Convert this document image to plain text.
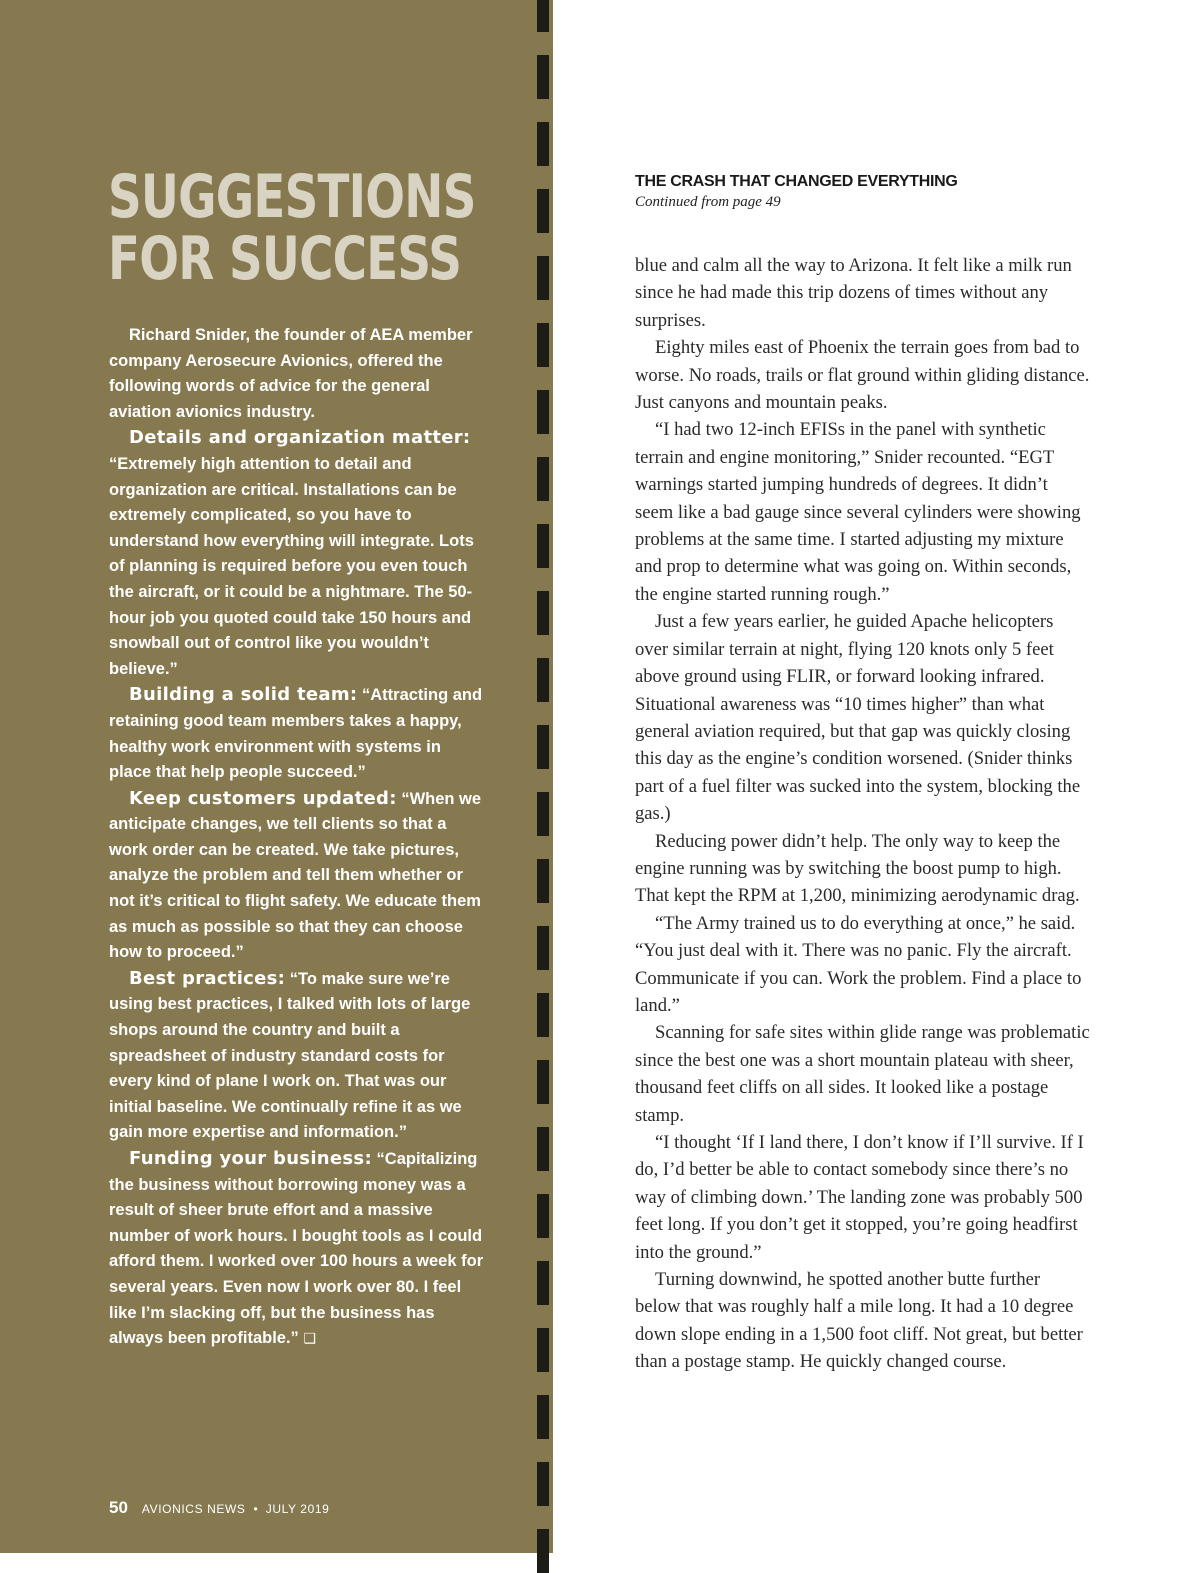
SUGGESTIONS
FOR SUCCESS

Richard Snider, the founder of AEA member company Aerosecure Avionics, offered the following words of advice for the general aviation avionics industry.

Details and organization matter: “Extremely high attention to detail and organization are critical. Installations can be extremely complicated, so you have to understand how everything will integrate. Lots of planning is required before you even touch the aircraft, or it could be a nightmare. The 50-hour job you quoted could take 150 hours and snowball out of control like you wouldn’t believe.”

Building a solid team: “Attracting and retaining good team members takes a happy, healthy work environment with systems in place that help people succeed.”

Keep customers updated: “When we anticipate changes, we tell clients so that a work order can be created. We take pictures, analyze the problem and tell them whether or not it’s critical to flight safety. We educate them as much as possible so that they can choose how to proceed.”

Best practices: “To make sure we’re using best practices, I talked with lots of large shops around the country and built a spreadsheet of industry standard costs for every kind of plane I work on. That was our initial baseline. We continually refine it as we gain more expertise and information.”

Funding your business: “Capitalizing the business without borrowing money was a result of sheer brute effort and a massive number of work hours. I bought tools as I could afford them. I worked over 100 hours a week for several years. Even now I work over 80. I feel like I’m slacking off, but the business has always been profitable.” ❑

50 AVIONICS NEWS • JULY 2019
THE CRASH THAT CHANGED EVERYTHING
Continued from page 49

blue and calm all the way to Arizona. It felt like a milk run since he had made this trip dozens of times without any surprises.

Eighty miles east of Phoenix the terrain goes from bad to worse. No roads, trails or flat ground within gliding distance. Just canyons and mountain peaks.

“I had two 12-inch EFISs in the panel with synthetic terrain and engine monitoring,” Snider recounted. “EGT warnings started jumping hundreds of degrees. It didn’t seem like a bad gauge since several cylinders were showing problems at the same time. I started adjusting my mixture and prop to determine what was going on. Within seconds, the engine started running rough.”

Just a few years earlier, he guided Apache helicopters over similar terrain at night, flying 120 knots only 5 feet above ground using FLIR, or forward looking infrared. Situational awareness was “10 times higher” than what general aviation required, but that gap was quickly closing this day as the engine’s condition worsened. (Snider thinks part of a fuel filter was sucked into the system, blocking the gas.)

Reducing power didn’t help. The only way to keep the engine running was by switching the boost pump to high. That kept the RPM at 1,200, minimizing aerodynamic drag.

“The Army trained us to do everything at once,” he said. “You just deal with it. There was no panic. Fly the aircraft. Communicate if you can. Work the problem. Find a place to land.”

Scanning for safe sites within glide range was problematic since the best one was a short mountain plateau with sheer, thousand feet cliffs on all sides. It looked like a postage stamp.

“I thought ‘If I land there, I don’t know if I’ll survive. If I do, I’d better be able to contact somebody since there’s no way of climbing down.’ The landing zone was probably 500 feet long. If you don’t get it stopped, you’re going headfirst into the ground.”

Turning downwind, he spotted another butte further below that was roughly half a mile long. It had a 10 degree down slope ending in a 1,500 foot cliff. Not great, but better than a postage stamp. He quickly changed course.
